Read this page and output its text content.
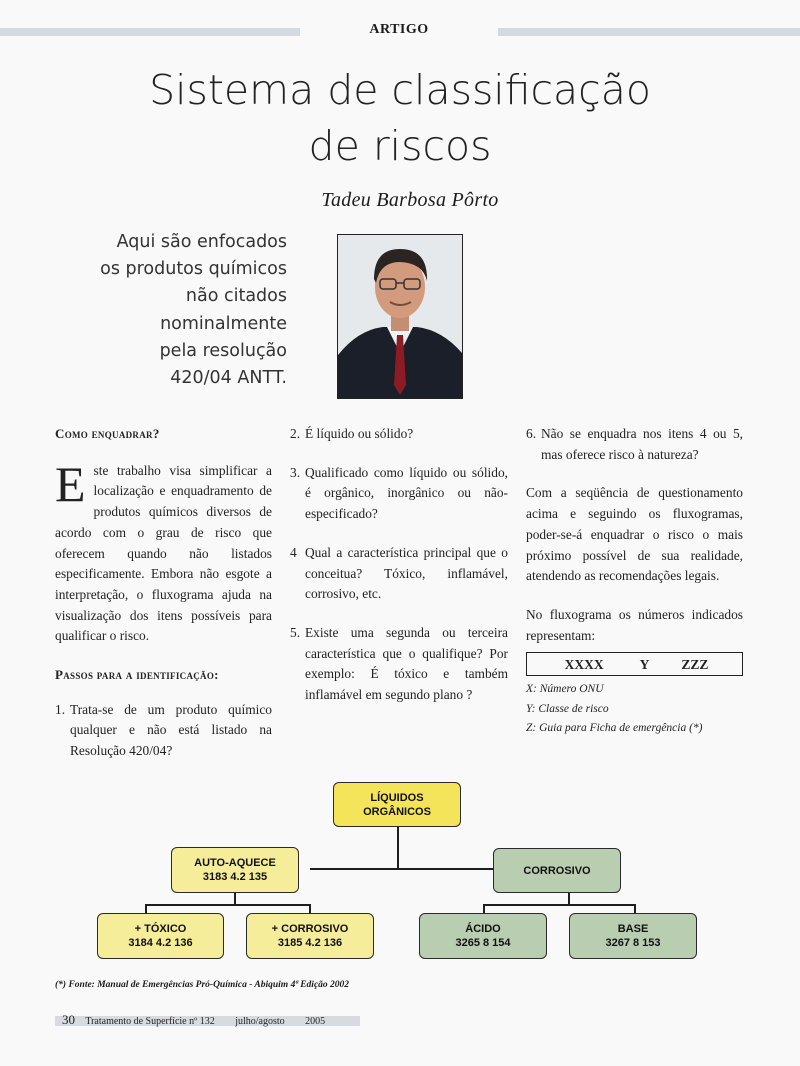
ARTIGO
Sistema de classificação
de riscos
Tadeu Barbosa Pôrto
Aqui são enfocados
os produtos químicos
não citados
nominalmente
pela resolução
420/04 ANTT.

Como enquadrar?

Este trabalho visa simplificar a localização e enquadramento de produtos químicos diversos de acordo com o grau de risco que oferecem quando não listados especificamente. Embora não esgote a interpretação, o fluxograma ajuda na visualização dos itens possíveis para qualificar o risco.

Passos para a identificação:

1. Trata-se de um produto químico qualquer e não está listado na Resolução 420/04?

2. É líquido ou sólido?

3. Qualificado como líquido ou sólido, é orgânico, inorgânico ou não-especificado?

4 Qual a característica principal que o conceitua? Tóxico, inflamável, corrosivo, etc.

5. Existe uma segunda ou terceira característica que o qualifique? Por exemplo: É tóxico e também inflamável em segundo plano ?

6. Não se enquadra nos itens 4 ou 5, mas oferece risco à natureza?

Com a seqüência de questionamento acima e seguindo os fluxogramas, poder-se-á enquadrar o risco o mais próximo possível de sua realidade, atendendo as recomendações legais.

No fluxograma os números indicados representam:

XXXX	Y ZZZ
X: Número ONU
Y: Classe de risco
Z: Guia para Ficha de emergência (*)
LÍQUIDOS
ORGÂNICOS
AUTO-AQUECE
3183 4.2 135
CORROSIVO
+ TÓXICO
3184 4.2 136
+ CORROSIVO
3185 4.2 136
ÁCIDO
3265 8 154
BASE
3267 8 153
(*) Fonte: Manual de Emergências Pró-Química - Abiquim 4ª Edição 2002
30 Tratamento de Superfície nº 132 julho/agosto 2005
